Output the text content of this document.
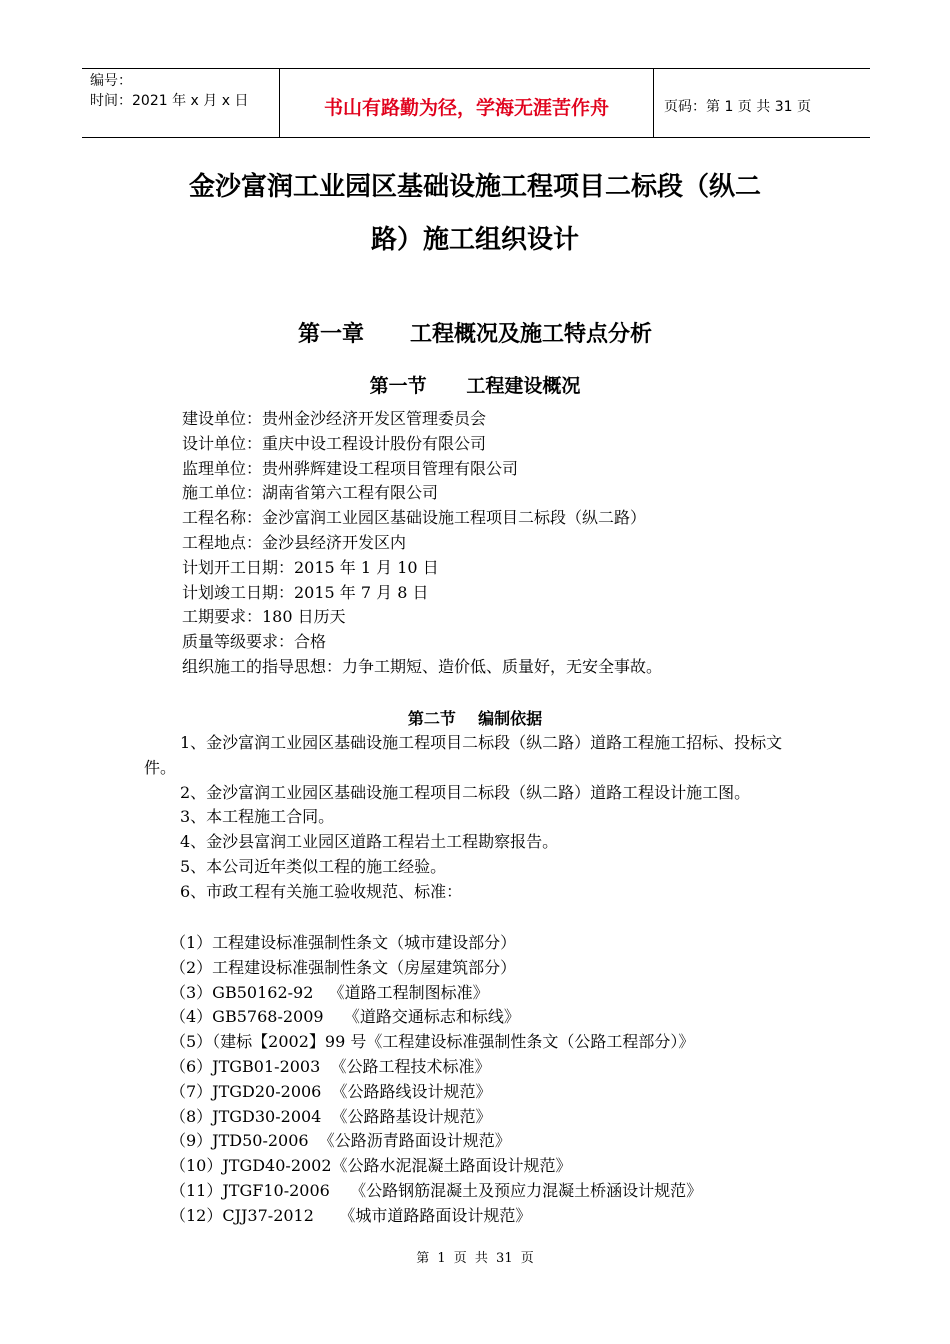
编号：
时间：2021 年 x 月 x 日	书山有路勤为径，学海无涯苦作舟	页码：第 1 页 共 31 页
金沙富润工业园区基础设施工程项目二标段（纵二
路）施工组织设计
第一章      工程概况及施工特点分析
第一节      工程建设概况
建设单位：贵州金沙经济开发区管理委员会
设计单位：重庆中设工程设计股份有限公司
监理单位：贵州骅辉建设工程项目管理有限公司
施工单位：湖南省第六工程有限公司
工程名称：金沙富润工业园区基础设施工程项目二标段（纵二路）
工程地点：金沙县经济开发区内
计划开工日期：2015 年 1 月 10 日
计划竣工日期：2015 年 7 月 8 日
工期要求：180 日历天
质量等级要求：合格
组织施工的指导思想：力争工期短、造价低、质量好，无安全事故。
第二节    编制依据
1、金沙富润工业园区基础设施工程项目二标段（纵二路）道路工程施工招标、投标文件。
2、金沙富润工业园区基础设施工程项目二标段（纵二路）道路工程设计施工图。
3、本工程施工合同。
4、金沙县富润工业园区道路工程岩土工程勘察报告。
5、本公司近年类似工程的施工经验。
6、市政工程有关施工验收规范、标准：
（1）工程建设标准强制性条文（城市建设部分）
（2）工程建设标准强制性条文（房屋建筑部分）
（3）GB50162-92   《道路工程制图标准》
（4）GB5768-2009    《道路交通标志和标线》
（5）（建标【2002】99 号《工程建设标准强制性条文（公路工程部分）》
（6）JTGB01-2003  《公路工程技术标准》
（7）JTGD20-2006  《公路路线设计规范》
（8）JTGD30-2004  《公路路基设计规范》
（9）JTD50-2006  《公路沥青路面设计规范》
（10）JTGD40-2002《公路水泥混凝土路面设计规范》
（11）JTGF10-2006    《公路钢筋混凝土及预应力混凝土桥涵设计规范》
（12）CJJ37-2012     《城市道路路面设计规范》
第 1 页 共 31 页
